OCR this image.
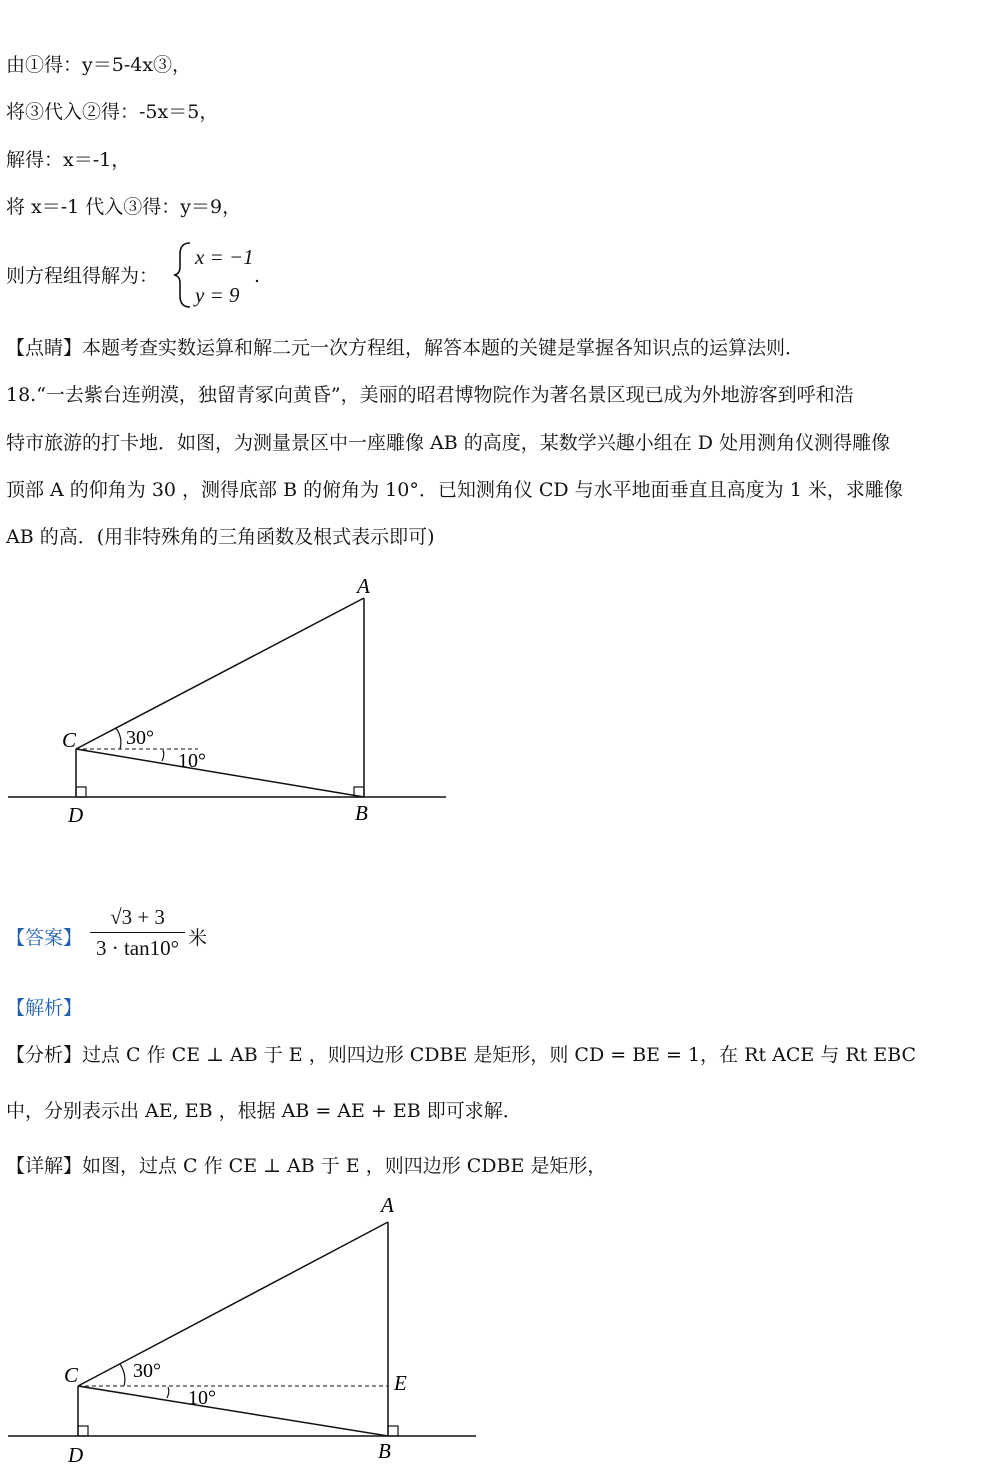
由①得：y＝5-4x③，
将③代入②得：-5x＝5，
解得：x＝-1，
将 x＝-1 代入③得：y＝9，
则方程组得解为：
x = −1
y = 9
.
【点睛】本题考查实数运算和解二元一次方程组，解答本题的关键是掌握各知识点的运算法则．
18.“一去紫台连朔漠，独留青冢向黄昏”，美丽的昭君博物院作为著名景区现已成为外地游客到呼和浩
特市旅游的打卡地．如图，为测量景区中一座雕像 AB 的高度，某数学兴趣小组在 D 处用测角仪测得雕像
顶部 A 的仰角为 30 ，测得底部 B 的俯角为 10°．已知测角仪 CD 与水平地面垂直且高度为 1 米，求雕像
AB 的高．(用非特殊角的三角函数及根式表示即可)
A
C
D	B
30°
10°
【答案】 $\frac{√3 + 3}{3 \cdot \tan 10^\circ}$ 米
【解析】
【分析】过点 C 作 CE ⊥ AB 于 E ，则四边形 CDBE 是矩形，则 CD = BE = 1，在 Rt ACE 与 Rt EBC
中，分别表示出 AE, EB ，根据 AB = AE + EB 即可求解．
【详解】如图，过点 C 作 CE ⊥ AB 于 E ，则四边形 CDBE 是矩形，
A
C
D	B
E
30°
10°
